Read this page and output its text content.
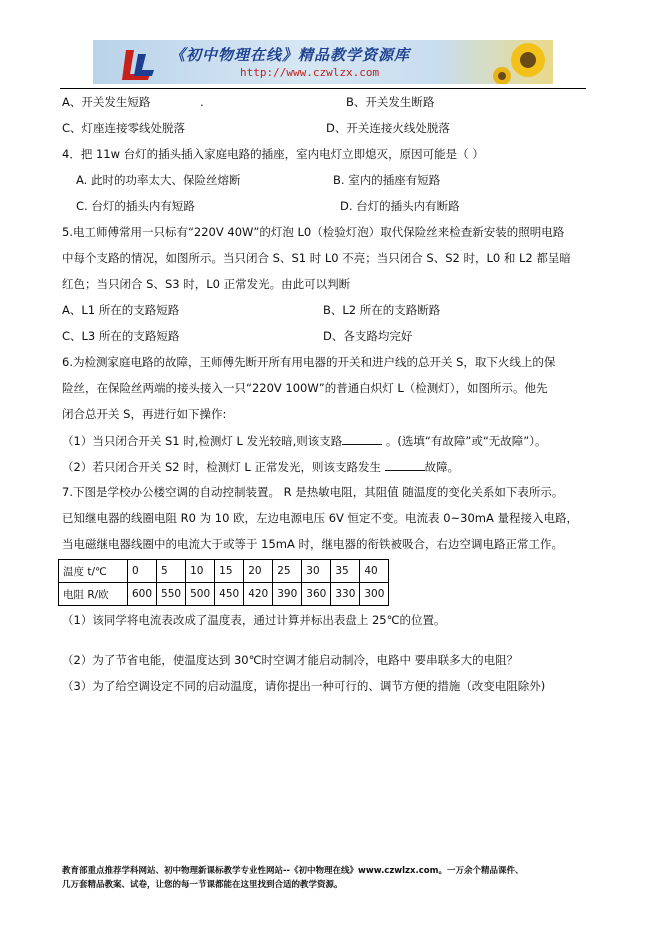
《初中物理在线》精品教学资源库
http://www.czwlzx.com
A、开关发生短路	.	B、开关发生断路
C、灯座连接零线处脱落	D、开关连接火线处脱落
4．把 11w 台灯的插头插入家庭电路的插座，室内电灯立即熄灭，原因可能是（ ）
A. 此时的功率太大、保险丝熔断	B. 室内的插座有短路
C. 台灯的插头内有短路	D. 台灯的插头内有断路
5.电工师傅常用一只标有“220V 40W”的灯泡 L0（检验灯泡）取代保险丝来检查新安装的照明电路
中每个支路的情况，如图所示。当只闭合 S、S1 时 L0 不亮；当只闭合 S、S2 时，L0 和 L2 都呈暗
红色；当只闭合 S、S3 时，L0 正常发光。由此可以判断
A、L1 所在的支路短路	B、L2 所在的支路断路
C、L3 所在的支路短路	D、各支路均完好
6.为检测家庭电路的故障，王师傅先断开所有用电器的开关和进户线的总开关 S，取下火线上的保
险丝，在保险丝两端的接头接入一只“220V 100W”的普通白炽灯 L（检测灯），如图所示。他先
闭合总开关 S，再进行如下操作:
（1）当只闭合开关 S1 时,检测灯 L 发光较暗,则该支路	。(选填“有故障”或“无故障”）。
（2）若只闭合开关 S2 时，检测灯 L 正常发光，则该支路发生	故障。
7.下图是学校办公楼空调的自动控制装置。 R 是热敏电阻，其阻值 随温度的变化关系如下表所示。
已知继电器的线圈电阻 R0 为 10 欧，左边电源电压 6V 恒定不变。电流表 0~30mA 量程接入电路，
当电磁继电器线圈中的电流大于或等于 15mA 时，继电器的衔铁被吸合，右边空调电路正常工作。
温度 t/℃	0	5	10	15	20	25	30	35	40
电阻 R/欧	600	550	500	450	420	390	360	330	300
（1）该同学将电流表改成了温度表，通过计算并标出表盘上 25℃的位置。
（2）为了节省电能，使温度达到 30℃时空调才能启动制冷，电路中 要串联多大的电阻？
（3）为了给空调设定不同的启动温度，请你提出一种可行的、调节方便的措施（改变电阻除外)
教育部重点推荐学科网站、初中物理新课标教学专业性网站--《初中物理在线》www.czwlzx.com。一万余个精品课件、
几万套精品教案、试卷，让您的每一节课都能在这里找到合适的教学资源。
